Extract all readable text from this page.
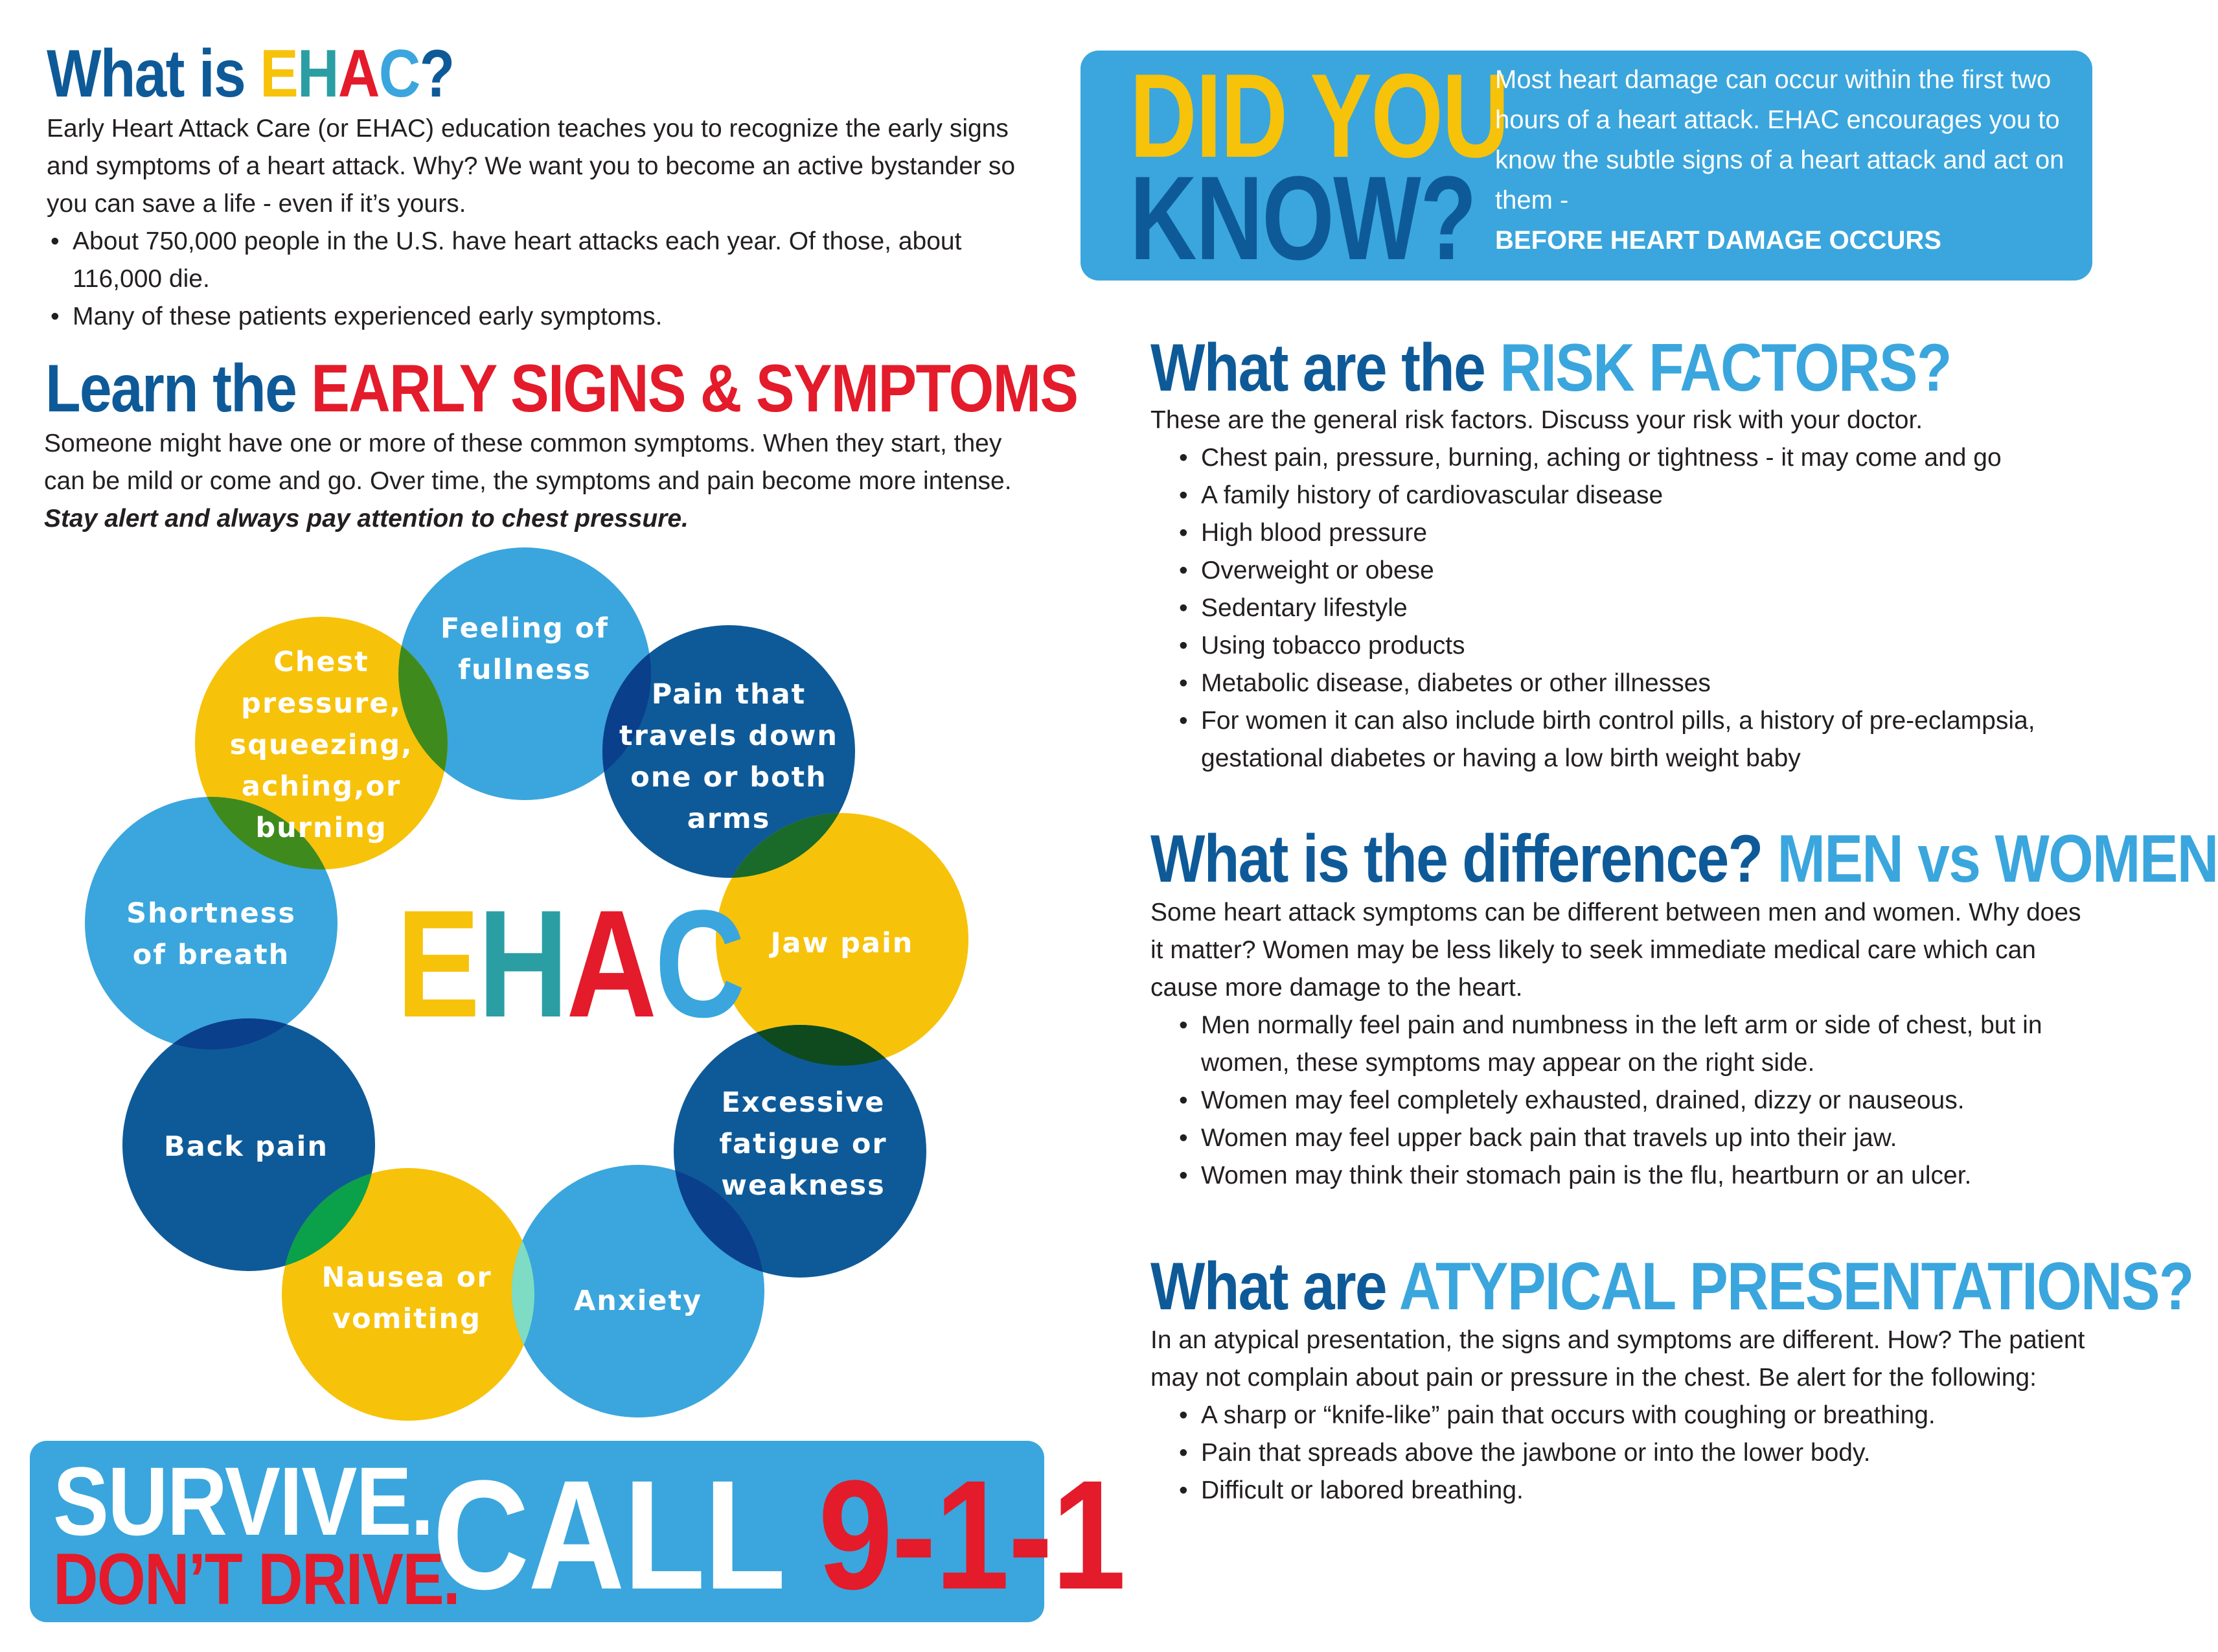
What is EHAC?
Early Heart Attack Care (or EHAC) education teaches you to recognize the early signs and symptoms of a heart attack. Why? We want you to become an active bystander so you can save a life - even if it’s yours.
• About 750,000 people in the U.S. have heart attacks each year. Of those, about 116,000 die.
• Many of these patients experienced early symptoms.
Learn the EARLY SIGNS & SYMPTOMS
Someone might have one or more of these common symptoms. When they start, they can be mild or come and go. Over time, the symptoms and pain become more intense. Stay alert and always pay attention to chest pressure.
EHAC
Feeling of fullness
Pain that travels down one or both arms
Chest pressure, squeezing, aching,or burning
Shortness of breath	Jaw pain
Back pain
Excessive fatigue or weakness
Nausea or vomiting
Anxiety
SURVIVE.
DON’T DRIVE.
CALL 9-1-1
DID YOU
KNOW?
Most heart damage can occur within the first two hours of a heart attack. EHAC encourages you to know the subtle signs of a heart attack and act on them -
BEFORE HEART DAMAGE OCCURS
What are the RISK FACTORS?
These are the general risk factors. Discuss your risk with your doctor.
• Chest pain, pressure, burning, aching or tightness - it may come and go
• A family history of cardiovascular disease
• High blood pressure
• Overweight or obese
• Sedentary lifestyle
• Using tobacco products
• Metabolic disease, diabetes or other illnesses
• For women it can also include birth control pills, a history of pre-eclampsia, gestational diabetes or having a low birth weight baby
What is the difference? MEN vs WOMEN
Some heart attack symptoms can be different between men and women. Why does it matter? Women may be less likely to seek immediate medical care which can cause more damage to the heart.
• Men normally feel pain and numbness in the left arm or side of chest, but in women, these symptoms may appear on the right side.
• Women may feel completely exhausted, drained, dizzy or nauseous.
• Women may feel upper back pain that travels up into their jaw.
• Women may think their stomach pain is the flu, heartburn or an ulcer.
What are ATYPICAL PRESENTATIONS?
In an atypical presentation, the signs and symptoms are different. How? The patient may not complain about pain or pressure in the chest. Be alert for the following:
• A sharp or “knife-like” pain that occurs with coughing or breathing.
• Pain that spreads above the jawbone or into the lower body.
• Difficult or labored breathing.
